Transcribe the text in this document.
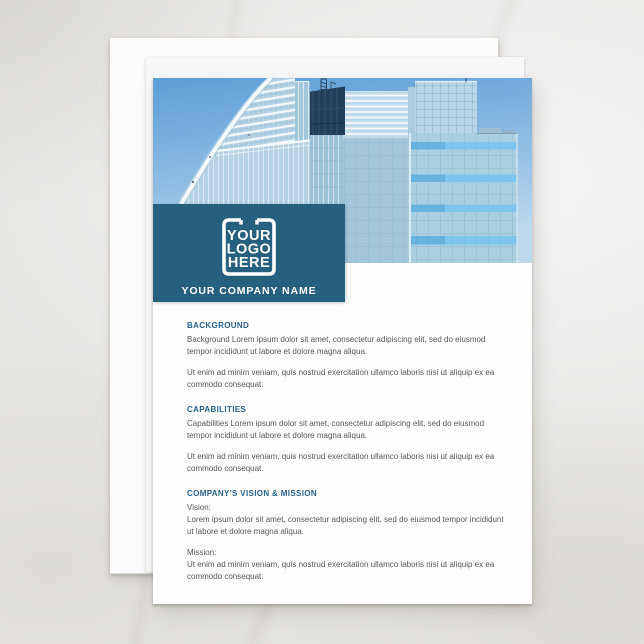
YOUR
LOGO
HERE
YOUR COMPANY NAME
BACKGROUND

Background Lorem ipsum dolor sit amet, consectetur adipiscing elit, sed do eiusmod tempor incididunt ut labore et dolore magna aliqua.

Ut enim ad minim veniam, quis nostrud exercitation ullamco laboris nisi ut aliquip ex ea commodo consequat.

CAPABILITIES

Capabilities Lorem ipsum dolor sit amet, consectetur adipiscing elit, sed do eiusmod tempor incididunt ut labore et dolore magna aliqua.

Ut enim ad minim veniam, quis nostrud exercitation ullamco laboris nisi ut aliquip ex ea commodo consequat.

COMPANY'S VISION & MISSION

Vision:
Lorem ipsum dolor sit amet, consectetur adipiscing elit, sed do eiusmod tempor incididunt ut labore et dolore magna aliqua.

Mission:
Ut enim ad minim veniam, quis nostrud exercitation ullamco laboris nisi ut aliquip ex ea commodo consequat.
